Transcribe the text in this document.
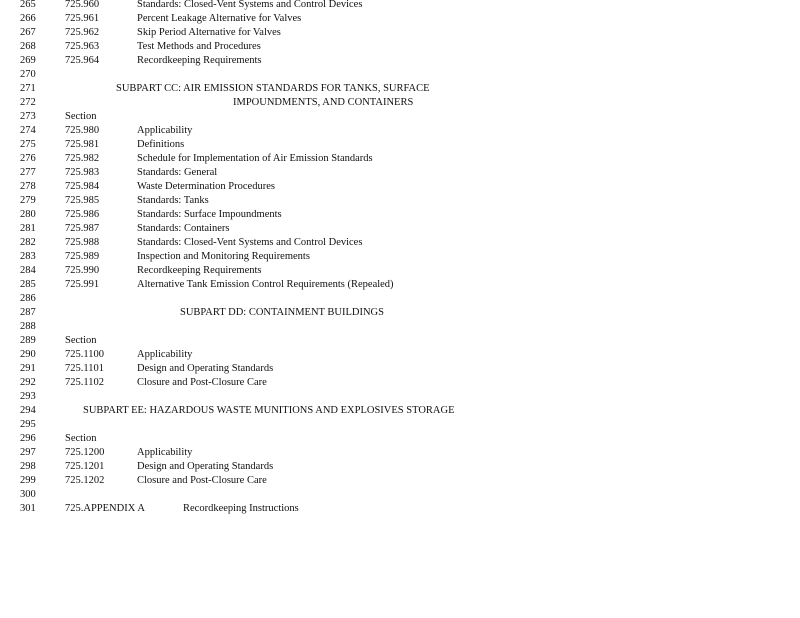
265	725.960	Standards: Closed-Vent Systems and Control Devices
266	725.961	Percent Leakage Alternative for Valves
267	725.962	Skip Period Alternative for Valves
268	725.963	Test Methods and Procedures
269	725.964	Recordkeeping Requirements
270
271	SUBPART CC: AIR EMISSION STANDARDS FOR TANKS, SURFACE
272	IMPOUNDMENTS, AND CONTAINERS
273	Section
274	725.980	Applicability
275	725.981	Definitions
276	725.982	Schedule for Implementation of Air Emission Standards
277	725.983	Standards: General
278	725.984	Waste Determination Procedures
279	725.985	Standards: Tanks
280	725.986	Standards: Surface Impoundments
281	725.987	Standards: Containers
282	725.988	Standards: Closed-Vent Systems and Control Devices
283	725.989	Inspection and Monitoring Requirements
284	725.990	Recordkeeping Requirements
285	725.991	Alternative Tank Emission Control Requirements (Repealed)
286
287	SUBPART DD: CONTAINMENT BUILDINGS
288
289	Section
290	725.1100	Applicability
291	725.1101	Design and Operating Standards
292	725.1102	Closure and Post-Closure Care
293
294	SUBPART EE: HAZARDOUS WASTE MUNITIONS AND EXPLOSIVES STORAGE
295
296	Section
297	725.1200	Applicability
298	725.1201	Design and Operating Standards
299	725.1202	Closure and Post-Closure Care
300
301	725.APPENDIX A	Recordkeeping Instructions
